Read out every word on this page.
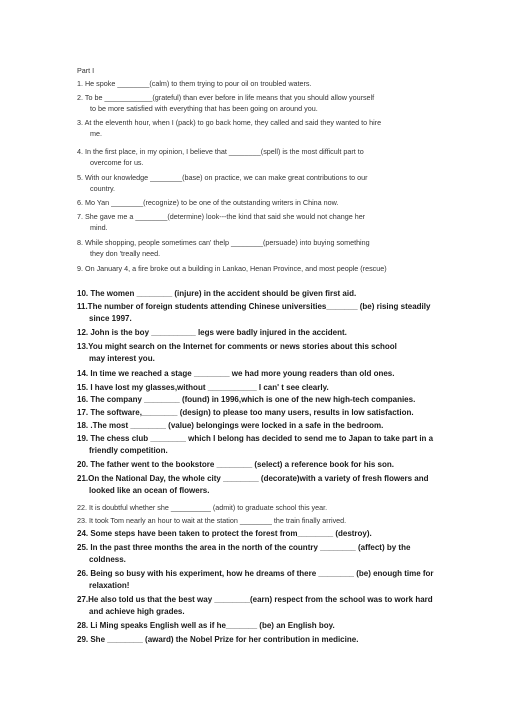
Part I
1. He spoke ________(calm) to them trying to pour oil on troubled waters.
2. To be ____________(grateful) than ever before in life means that you should allow yourself
to be more satisfied with everything that has been going on around you.
3. At the eleventh hour, when I (pack) to go back home, they called and said they wanted to hire
me.
4. In the first place, in my opinion, I believe that ________(spell) is the most difficult part to
overcome for us.
5. With our knowledge ________(base) on practice, we can make great contributions to our
country.
6. Mo Yan ________(recognize) to be one of the outstanding writers in China now.
7. She gave me a ________(determine) look---the kind that said she would not change her
mind.
8. While shopping, people sometimes can' thelp ________(persuade) into buying something
they don 'treally need.
9. On January 4, a fire broke out a building in Lankao, Henan Province, and most people (rescue)
10. The women ________ (injure) in the accident should be given first aid.
11.The number of foreign students attending Chinese universities_______ (be) rising steadily
since 1997.
12. John is the boy __________ legs were badly injured in the accident.
13.You might search on the Internet for comments or news stories about this school
may interest you.
14. In time we reached a stage ________ we had more young readers than old ones.
15. I have lost my glasses,without ___________ I can' t see clearly.
16. The company ________ (found) in 1996,which is one of the new high-tech companies.
17. The software,________ (design) to please too many users, results in low satisfaction.
18. .The most ________ (value) belongings were locked in a safe in the bedroom.
19. The chess club ________ which I belong has decided to send me to Japan to take part in a
friendly competition.
20. The father went to the bookstore ________ (select) a reference book for his son.
21.On the National Day, the whole city ________ (decorate)with a variety of fresh flowers and
looked like an ocean of flowers.
22. It is doubtful whether she __________ (admit) to graduate school this year.
23. It took Tom nearly an hour to wait at the station ________ the train finally arrived.
24. Some steps have been taken to protect the forest from________ (destroy).
25. In the past three months the area in the north of the country ________ (affect) by the
coldness.
26. Being so busy with his experiment, how he dreams of there ________ (be) enough time for
relaxation!
27.He also told us that the best way ________(earn) respect from the school was to work hard
and achieve high grades.
28. Li Ming speaks English well as if he_______ (be) an English boy.
29. She ________ (award) the Nobel Prize for her contribution in medicine.
